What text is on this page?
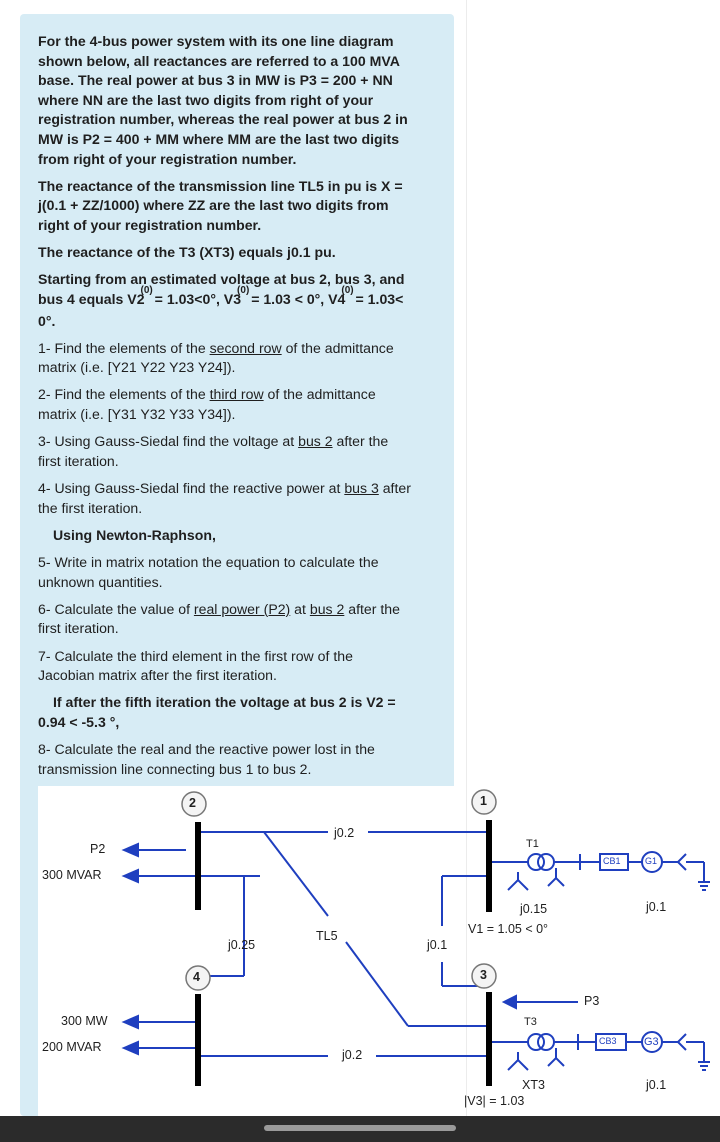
For the 4-bus power system with its one line diagram shown below, all reactances are referred to a 100 MVA base. The real power at bus 3 in MW is P3 = 200 + NN where NN are the last two digits from right of your registration number, whereas the real power at bus 2 in MW is P2 = 400 + MM where MM are the last two digits from right of your registration number.

The reactance of the transmission line TL5 in pu is X = j(0.1 + ZZ/1000) where ZZ are the last two digits from right of your registration number.

The reactance of the T3 (XT3) equals j0.1 pu.

Starting from an estimated voltage at bus 2, bus 3, and bus 4 equals $V2^{(0)} = 1.03<0^\circ$, $V3^{(0)} = 1.03 < 0^\circ$, $V4^{(0)} = 1.03< 0^\circ$.

1- Find the elements of the second row of the admittance matrix (i.e. [Y21 Y22 Y23 Y24]).

2- Find the elements of the third row of the admittance matrix (i.e. [Y31 Y32 Y33 Y34]).

3- Using Gauss-Siedal find the voltage at bus 2 after the first iteration.

4- Using Gauss-Siedal find the reactive power at bus 3 after the first iteration.

Using Newton-Raphson,

5- Write in matrix notation the equation to calculate the unknown quantities.

6- Calculate the value of real power (P2) at bus 2 after the first iteration.

7- Calculate the third element in the first row of the Jacobian matrix after the first iteration.

If after the fifth iteration the voltage at bus 2 is V2 = 0.94 < -5.3 °,

8- Calculate the real and the reactive power lost in the transmission line connecting bus 1 to bus 2.

2	1
4	3
P2
300 MVAR
j0.2
T1
CB1	G1
j0.15	j0.1
V1 = 1.05 < 0°
j0.25
TL5
j0.1
P3
300 MW
200 MVAR
T3
CB3 G3
j0.2
XT3
|V3| = 1.03
j0.1
